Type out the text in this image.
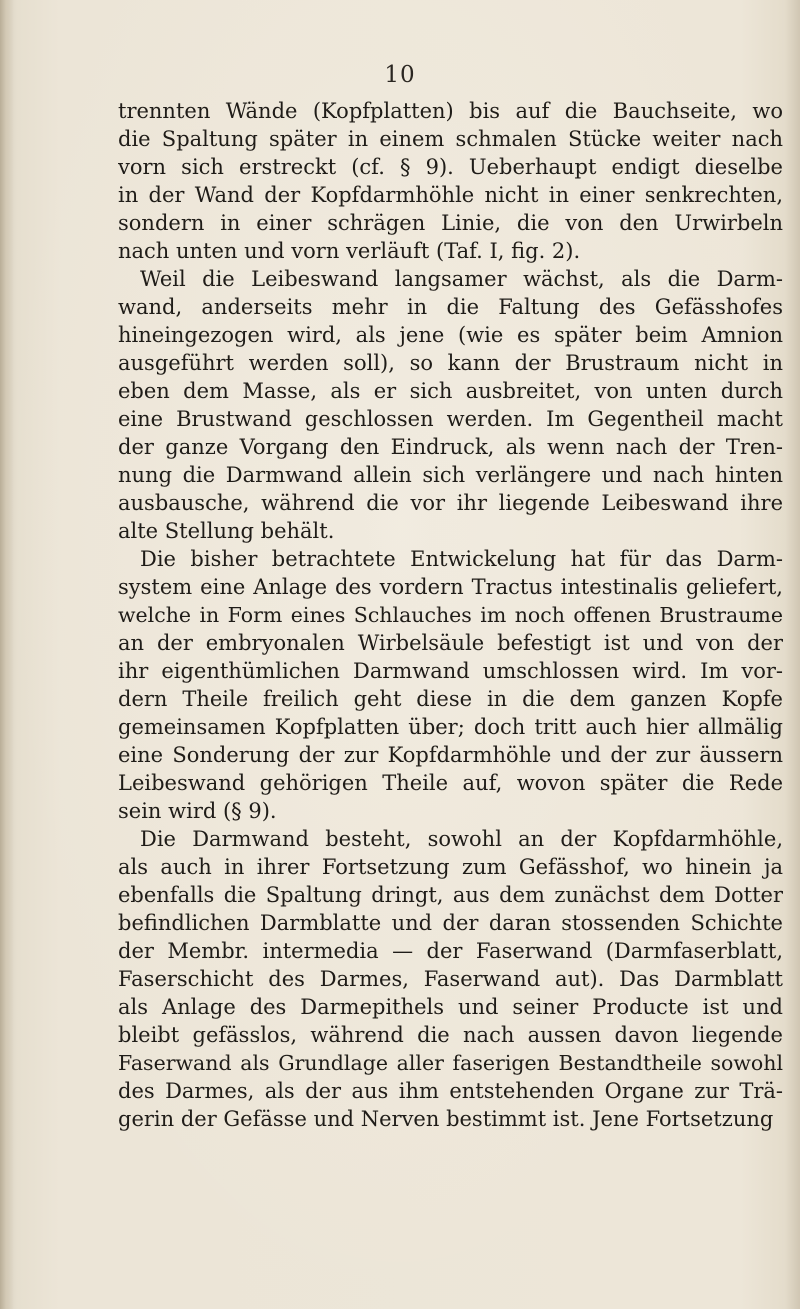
10
trennten Wände (Kopfplatten) bis auf die Bauchseite, wo
die Spaltung später in einem schmalen Stücke weiter nach
vorn sich erstreckt (cf. § 9). Ueberhaupt endigt dieselbe
in der Wand der Kopfdarmhöhle nicht in einer senkrechten,
sondern in einer schrägen Linie, die von den Urwirbeln
nach unten und vorn verläuft (Taf. I, fig. 2).
Weil die Leibeswand langsamer wächst, als die Darm-
wand, anderseits mehr in die Faltung des Gefässhofes
hineingezogen wird, als jene (wie es später beim Amnion
ausgeführt werden soll), so kann der Brustraum nicht in
eben dem Masse, als er sich ausbreitet, von unten durch
eine Brustwand geschlossen werden. Im Gegentheil macht
der ganze Vorgang den Eindruck, als wenn nach der Tren-
nung die Darmwand allein sich verlängere und nach hinten
ausbausche, während die vor ihr liegende Leibeswand ihre
alte Stellung behält.
Die bisher betrachtete Entwickelung hat für das Darm-
system eine Anlage des vordern Tractus intestinalis geliefert,
welche in Form eines Schlauches im noch offenen Brustraume
an der embryonalen Wirbelsäule befestigt ist und von der
ihr eigenthümlichen Darmwand umschlossen wird. Im vor-
dern Theile freilich geht diese in die dem ganzen Kopfe
gemeinsamen Kopfplatten über; doch tritt auch hier allmälig
eine Sonderung der zur Kopfdarmhöhle und der zur äussern
Leibeswand gehörigen Theile auf, wovon später die Rede
sein wird (§ 9).
Die Darmwand besteht, sowohl an der Kopfdarmhöhle,
als auch in ihrer Fortsetzung zum Gefässhof, wo hinein ja
ebenfalls die Spaltung dringt, aus dem zunächst dem Dotter
befindlichen Darmblatte und der daran stossenden Schichte
der Membr. intermedia — der Faserwand (Darmfaserblatt,
Faserschicht des Darmes, Faserwand aut). Das Darmblatt
als Anlage des Darmepithels und seiner Producte ist und
bleibt gefässlos, während die nach aussen davon liegende
Faserwand als Grundlage aller faserigen Bestandtheile sowohl
des Darmes, als der aus ihm entstehenden Organe zur Trä-
gerin der Gefässe und Nerven bestimmt ist. Jene Fortsetzung
